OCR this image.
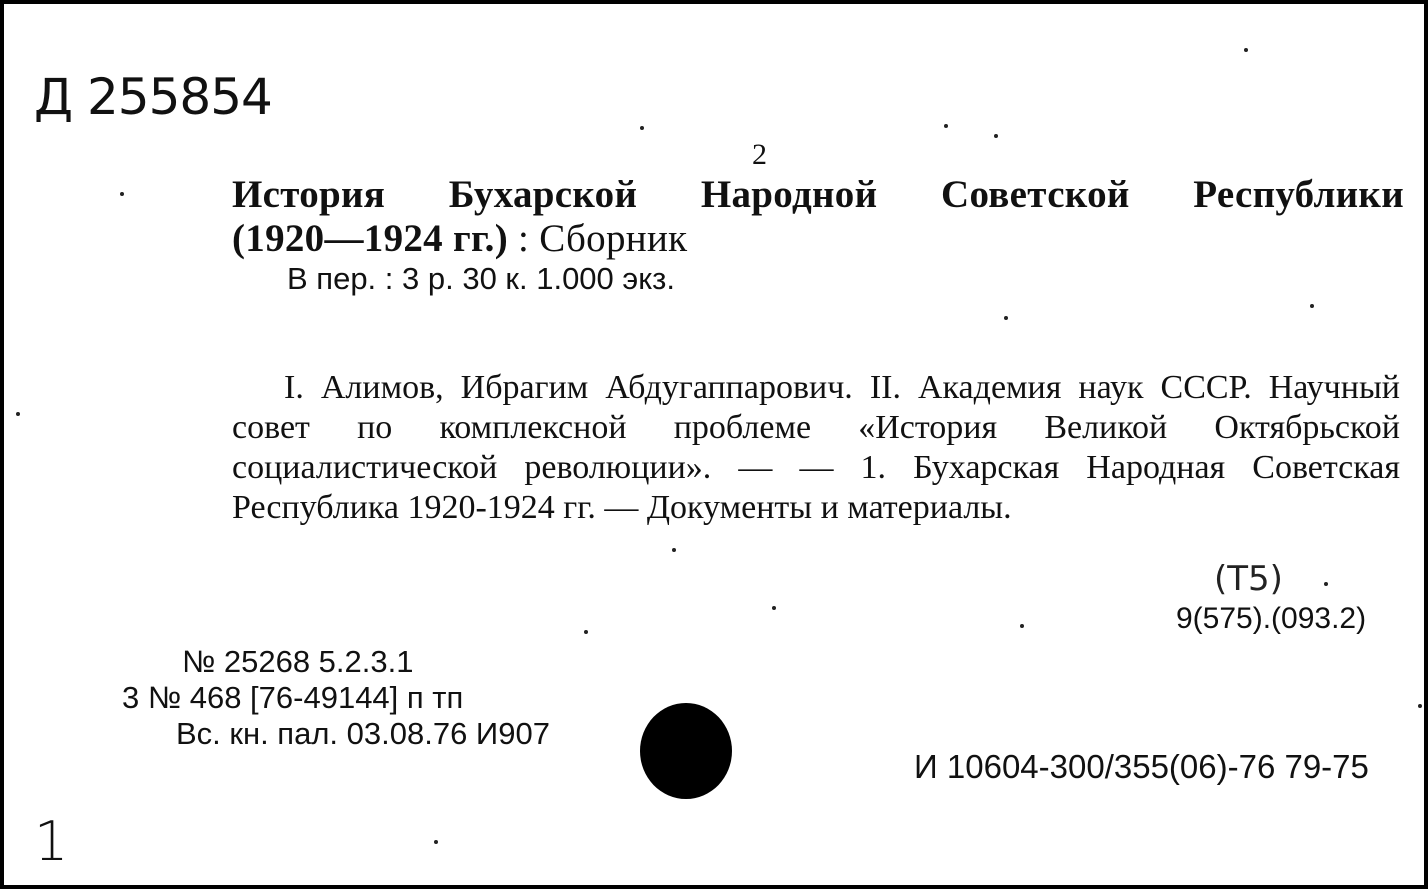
Д 255854
2
История Бухарской Народной Советской Республики
(1920—1924 гг.) : Сборник
В пер. : 3 р. 30 к. 1.000 экз.
I. Алимов, Ибрагим Абдугаппарович. II. Академия наук СССР. Научный совет по комплексной проблеме «История Великой Октябрьской социалистической революции». — — 1. Бухарская Народная Советская Республика 1920-1924 гг. — Документы и материалы.
(Т5)
9(575).(093.2)
№ 25268 5.2.3.1
3 № 468 [76-49144] п тп
Вс. кн. пал. 03.08.76 И907
И 10604-300/355(06)-76 79-75
1
